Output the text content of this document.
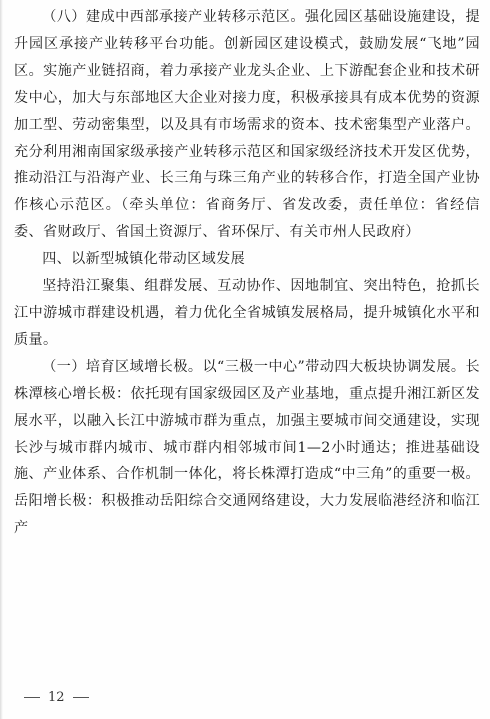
（八）建成中西部承接产业转移示范区。强化园区基础设施建设，提升园区承接产业转移平台功能。创新园区建设模式，鼓励发展“飞地”园区。实施产业链招商，着力承接产业龙头企业、上下游配套企业和技术研发中心，加大与东部地区大企业对接力度，积极承接具有成本优势的资源加工型、劳动密集型，以及具有市场需求的资本、技术密集型产业落户。充分利用湘南国家级承接产业转移示范区和国家级经济技术开发区优势，推动沿江与沿海产业、长三角与珠三角产业的转移合作，打造全国产业协作核心示范区。（牵头单位：省商务厅、省发改委，责任单位：省经信委、省财政厅、省国土资源厅、省环保厅、有关市州人民政府）

四、以新型城镇化带动区域发展

坚持沿江聚集、组群发展、互动协作、因地制宜、突出特色，抢抓长江中游城市群建设机遇，着力优化全省城镇发展格局，提升城镇化水平和质量。

（一）培育区域增长极。以“三极一中心”带动四大板块协调发展。长株潭核心增长极：依托现有国家级园区及产业基地，重点提升湘江新区发展水平，以融入长江中游城市群为重点，加强主要城市间交通建设，实现长沙与城市群内城市、城市群内相邻城市间1—2小时通达；推进基础设施、产业体系、合作机制一体化，将长株潭打造成“中三角”的重要一极。岳阳增长极：积极推动岳阳综合交通网络建设，大力发展临港经济和临江产

12
